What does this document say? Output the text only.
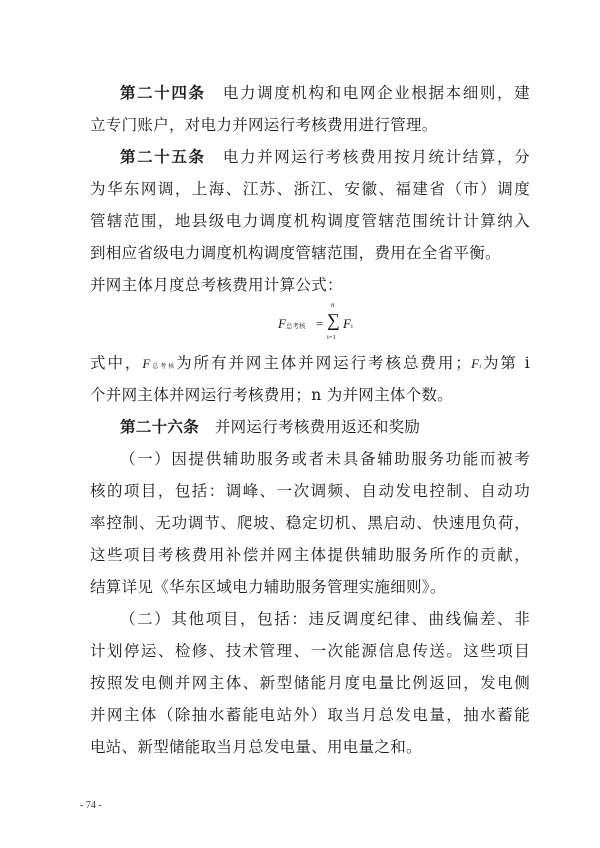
第二十四条　 电力调度机构和电网企业根据本细则，建
立专门账户，对电力并网运行考核费用进行管理。
第二十五条　 电力并网运行考核费用按月统计结算，分
为华东网调，上海、江苏、浙江、安徽、福建省（市）调度
管辖范围，地县级电力调度机构调度管辖范围统计计算纳入
到相应省级电力调度机构调度管辖范围，费用在全省平衡。
并网主体月度总考核费用计算公式：
F总考核 =
n
∑
i=1
Fi
式中，F总考核为所有并网主体并网运行考核总费用；Fi为第 i
个并网主体并网运行考核费用；n 为并网主体个数。
第二十六条　 并网运行考核费用返还和奖励
（一）因提供辅助服务或者未具备辅助服务功能而被考
核的项目，包括：调峰、一次调频、自动发电控制、自动功
率控制、无功调节、爬坡、稳定切机、黑启动、快速甩负荷，
这些项目考核费用补偿并网主体提供辅助服务所作的贡献，
结算详见《华东区域电力辅助服务管理实施细则》。
（二）其他项目，包括：违反调度纪律、曲线偏差、非
计划停运、检修、技术管理、一次能源信息传送。这些项目
按照发电侧并网主体、新型储能月度电量比例返回，发电侧
并网主体（除抽水蓄能电站外）取当月总发电量，抽水蓄能
电站、新型储能取当月总发电量、用电量之和。
- 74 -
